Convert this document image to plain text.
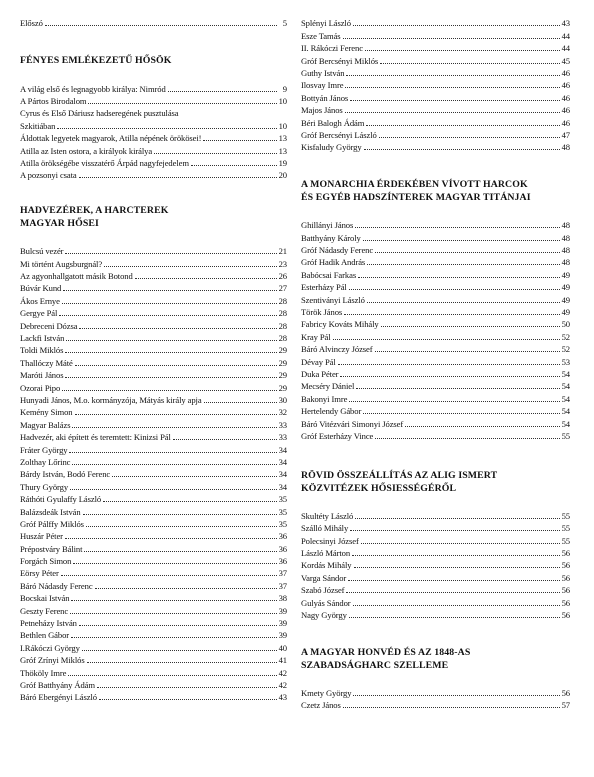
Előszó	5
FÉNYES EMLÉKEZETŰ HŐSÖK
A világ első és legnagyobb királya: Nimród	9
A Pártos Birodalom	10
Cyrus és Első Dáriusz hadseregének pusztulása
Szkitiában	10
Áldottak legyetek magyarok, Atilla népének örökösei!	13
Atilla az Isten ostora, a királyok királya	13
Atilla örökségébe visszatérő Árpád nagyfejedelem	19
A pozsonyi csata	20
HADVEZÉREK, A HARCTEREK
MAGYAR HŐSEI
Bulcsú vezér	21
Mi történt Augsburgnál?	23
Az agyonhallgatott másik Botond	26
Búvár Kund	27
Ákos Ernye	28
Gergye Pál	28
Debreceni Dózsa	28
Lackfi István	28
Toldi Miklós	29
Thallóczy Máté	29
Maróti János	29
Ozorai Pipo	29
Hunyadi János, M.o. kormányzója, Mátyás király apja	30
Kemény Simon	32
Magyar Balázs	33
Hadvezér, aki épített és teremtett: Kinizsi Pál	33
Fráter György	34
Zolthay Lőrinc	34
Bárdy István, Bodó Ferenc	34
Thury György	34
Ráthóti Gyulaffy László	35
Balázsdeák István	35
Gróf Pálffy Miklós	35
Huszár Péter	36
Prépostváry Bálint	36
Forgách Simon	36
Eörsy Péter	37
Báró Nádasdy Ferenc	37
Bocskai István	38
Gesztу Ferenc	39
Petneházy István	39
Bethlen Gábor	39
I.Rákóczi György	40
Gróf Zrínyi Miklós	41
Thököly Imre	42
Gróf Batthyány Ádám	42
Báró Ebergényi László	43
Splényi László	43
Esze Tamás	44
II. Rákóczi Ferenc	44
Gróf Bercsényi Miklós	45
Guthy István	46
Ilosvay Imre	46
Bottyán János	46
Majos János	46
Béri Balogh Ádám	46
Gróf Bercsényi László	47
Kisfaludy György	48
A MONARCHIA ÉRDEKÉBEN VÍVOTT HARCOK
ÉS EGYÉB HADSZÍNTEREK MAGYAR TITÁNJAI
Ghillányi János	48
Batthyány Károly	48
Gróf Nádasdy Ferenc	48
Gróf Hadik András	48
Babócsai Farkas	49
Esterházy Pál	49
Szentiványi László	49
Török János	49
Fabricy Kováts Mihály	50
Kray Pál	52
Báró Alvinczy József	52
Dévay Pál	53
Duka Péter	54
Mecséry Dániel	54
Bakonyi Imre	54
Hertelendy Gábor	54
Báró Vitézvári Simonyi József	54
Gróf Esterházy Vince	55
RÖVID ÖSSZEÁLLÍTÁS AZ ALIG ISMERT
KÖZVITÉZEK HŐSIESSÉGÉRŐL
Skultéty László	55
Szálló Mihály	55
Polecsinyi József	55
László Márton	56
Kordás Mihály	56
Varga Sándor	56
Szabó József	56
Gulyás Sándor	56
Nagy György	56
A MAGYAR HONVÉD ÉS AZ 1848-AS
SZABADSÁGHARC SZELLEME
Kmety György	56
Czetz János	57
